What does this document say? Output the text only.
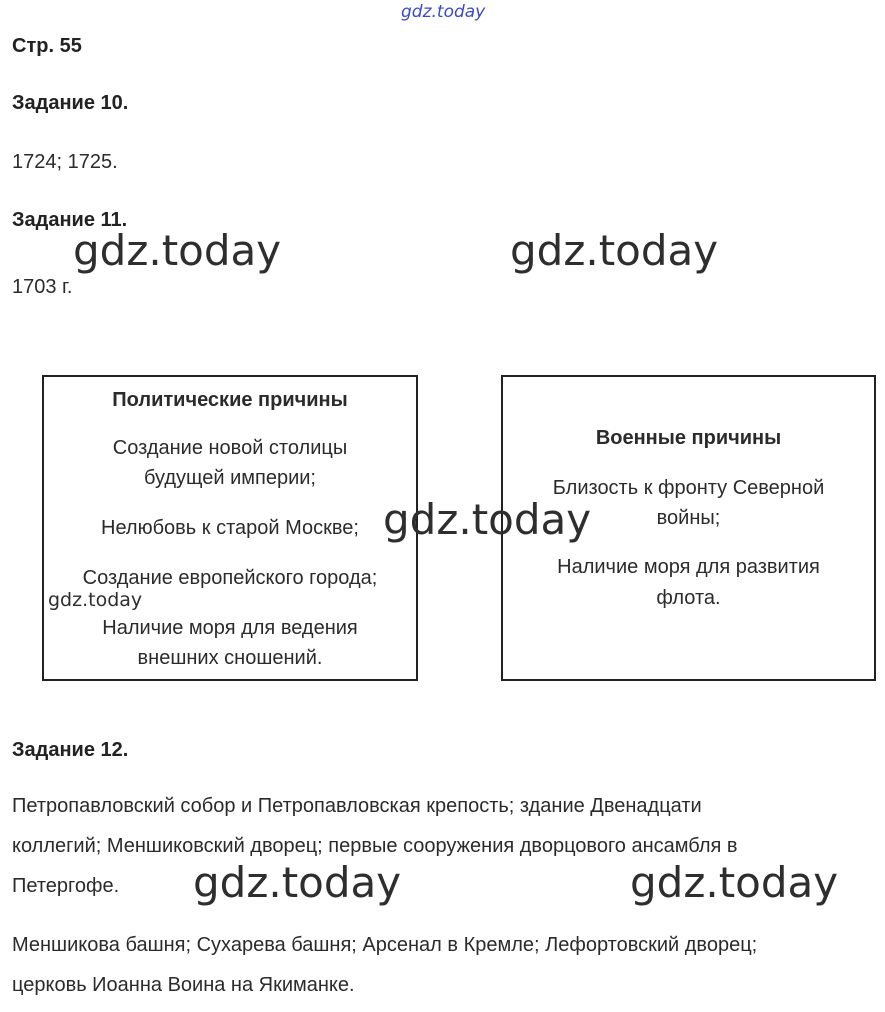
gdz.today
Стр. 55
Задание 10.
1724; 1725.
Задание 11.
1703 г.
gdz.today	gdz.today
Политические причины
Создание новой столицы
будущей империи;
Нелюбовь к старой Москве;
Создание европейского города;
Наличие моря для ведения
внешних сношений.
Военные причины
Близость к фронту Северной
войны;
Наличие моря для развития
флота.
gdz.today
gdz.today
Задание 12.
Петропавловский собор и Петропавловская крепость; здание Двенадцати
коллегий; Меншиковский дворец; первые сооружения дворцового ансамбля в
Петергофе.	gdz.today	gdz.today
Меншикова башня; Сухарева башня; Арсенал в Кремле; Лефортовский дворец;
церковь Иоанна Воина на Якиманке.
